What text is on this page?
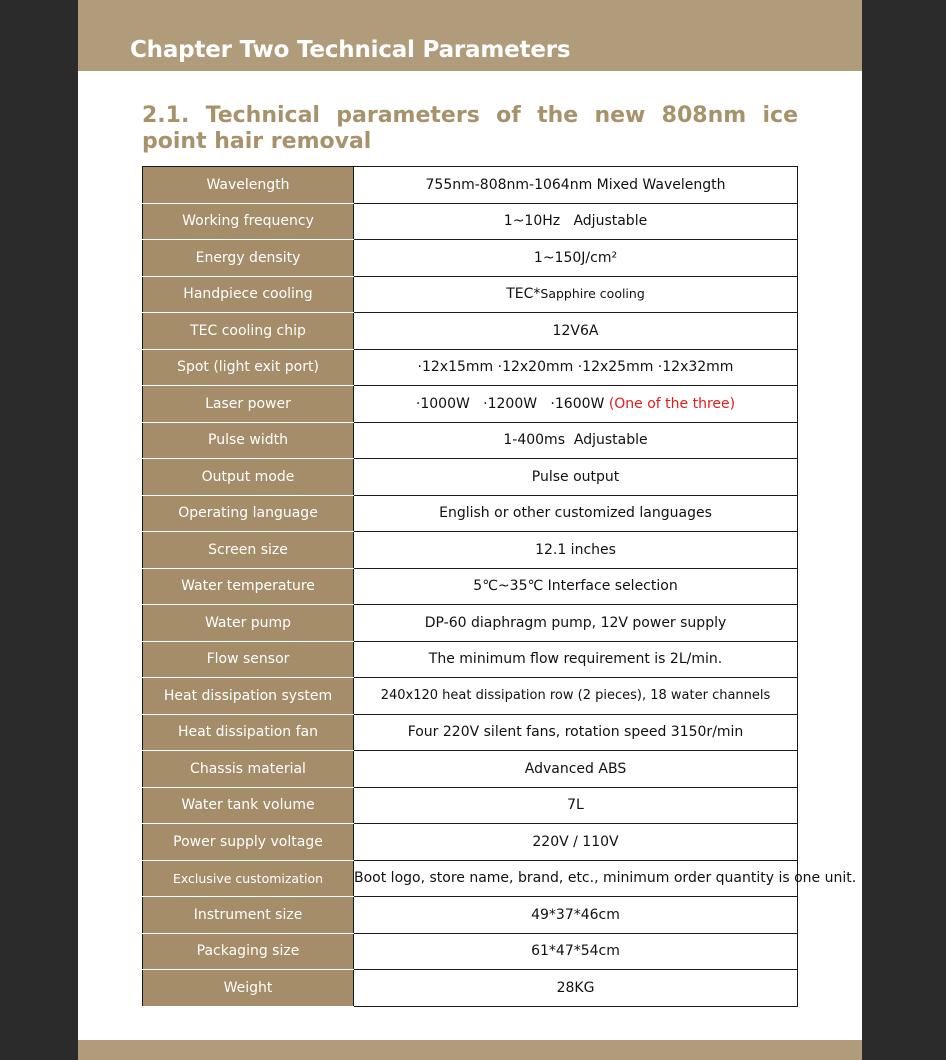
Chapter Two Technical Parameters
2.1. Technical parameters of the new 808nm ice point hair removal
Wavelength	755nm-808nm-1064nm Mixed Wavelength
Working frequency	1~10Hz   Adjustable
Energy density	1~150J/cm²
Handpiece cooling	TEC*Sapphire cooling
TEC cooling chip	12V6A
Spot (light exit port)	·12x15mm ·12x20mm ·12x25mm ·12x32mm
Laser power	·1000W   ·1200W   ·1600W (One of the three)
Pulse width	1-400ms  Adjustable
Output mode	Pulse output
Operating language	English or other customized languages
Screen size	12.1 inches
Water temperature	5℃~35℃ Interface selection
Water pump	DP-60 diaphragm pump, 12V power supply
Flow sensor	The minimum flow requirement is 2L/min.
Heat dissipation system	240x120 heat dissipation row (2 pieces), 18 water channels
Heat dissipation fan	Four 220V silent fans, rotation speed 3150r/min
Chassis material	Advanced ABS
Water tank volume	7L
Power supply voltage	220V / 110V
Exclusive customization	Boot logo, store name, brand, etc., minimum order quantity is one unit.
Instrument size	49*37*46cm
Packaging size	61*47*54cm
Weight	28KG
